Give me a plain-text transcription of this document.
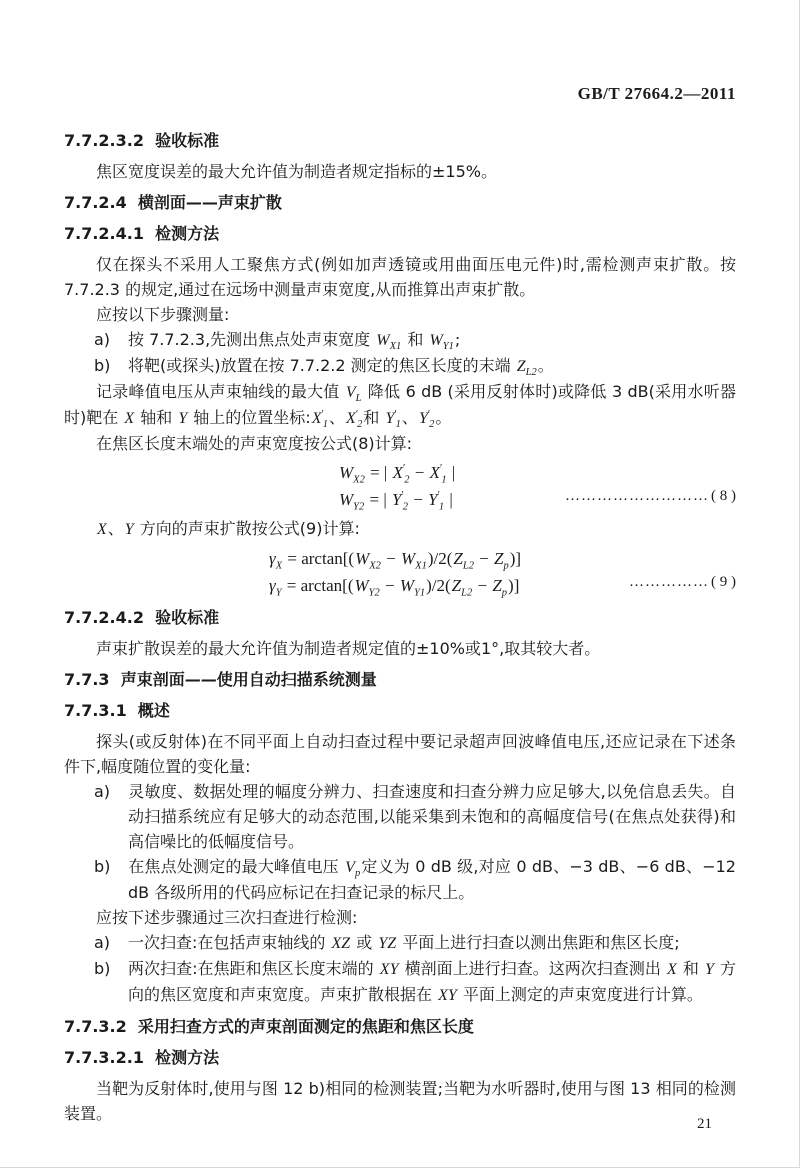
GB/T 27664.2—2011
7.7.2.3.2  验收标准

焦区宽度误差的最大允许值为制造者规定指标的±15%。

7.7.2.4  横剖面——声束扩散
7.7.2.4.1  检测方法

仅在探头不采用人工聚焦方式(例如加声透镜或用曲面压电元件)时,需检测声束扩散。按7.7.2.3 的规定,通过在远场中测量声束宽度,从而推算出声束扩散。

应按以下步骤测量:

a) 按 7.7.2.3,先测出焦点处声束宽度 $W_{X1}$ 和 $W_{Y1}$;

b) 将靶(或探头)放置在按 7.7.2.2 测定的焦区长度的末端 $Z_{L2}$。

记录峰值电压从声束轴线的最大值 $V_L$ 降低 6 dB (采用反射体时)或降低 3 dB(采用水听器时)靶在 X 轴和 Y 轴上的位置坐标$:X'_1$、$X'_2$和 $Y'_1$、$Y'_2$。

在焦区长度末端处的声束宽度按公式(8)计算:

$W_{X2}$ = | $X'_2 - X'_1$ |
$W_{Y2}$ = | $Y'_2 - Y'_1$ |	……………………… ( 8 )

X、Y 方向的声束扩散按公式(9)计算:

$\gamma_X = \arctan[(W_{X2} - W_{X1})/2(Z_{L2} - Z_p)]$
$\gamma_Y = \arctan[(W_{Y2} - W_{Y1})/2(Z_{L2} - Z_p)]$	…………… ( 9 )
7.7.2.4.2  验收标准

声束扩散误差的最大允许值为制造者规定值的±10%或1°,取其较大者。

7.7.3  声束剖面——使用自动扫描系统测量
7.7.3.1  概述

探头(或反射体)在不同平面上自动扫查过程中要记录超声回波峰值电压,还应记录在下述条件下,幅度随位置的变化量:

a) 灵敏度、数据处理的幅度分辨力、扫查速度和扫查分辨力应足够大,以免信息丢失。自动扫描系统应有足够大的动态范围,以能采集到未饱和的高幅度信号(在焦点处获得)和高信噪比的低幅度信号。

b) 在焦点处测定的最大峰值电压 $V_p$定义为 0 dB 级,对应 0 dB、−3 dB、−6 dB、−12 dB 各级所用的代码应标记在扫查记录的标尺上。

应按下述步骤通过三次扫查进行检测:

a) 一次扫查:在包括声束轴线的 XZ 或 YZ 平面上进行扫查以测出焦距和焦区长度;

b) 两次扫查:在焦距和焦区长度末端的 XY 横剖面上进行扫查。这两次扫查测出 X 和 Y 方向的焦区宽度和声束宽度。声束扩散根据在 XY 平面上测定的声束宽度进行计算。

7.7.3.2  采用扫查方式的声束剖面测定的焦距和焦区长度
7.7.3.2.1  检测方法

当靶为反射体时,使用与图 12 b)相同的检测装置;当靶为水听器时,使用与图 13 相同的检测装置。

21
